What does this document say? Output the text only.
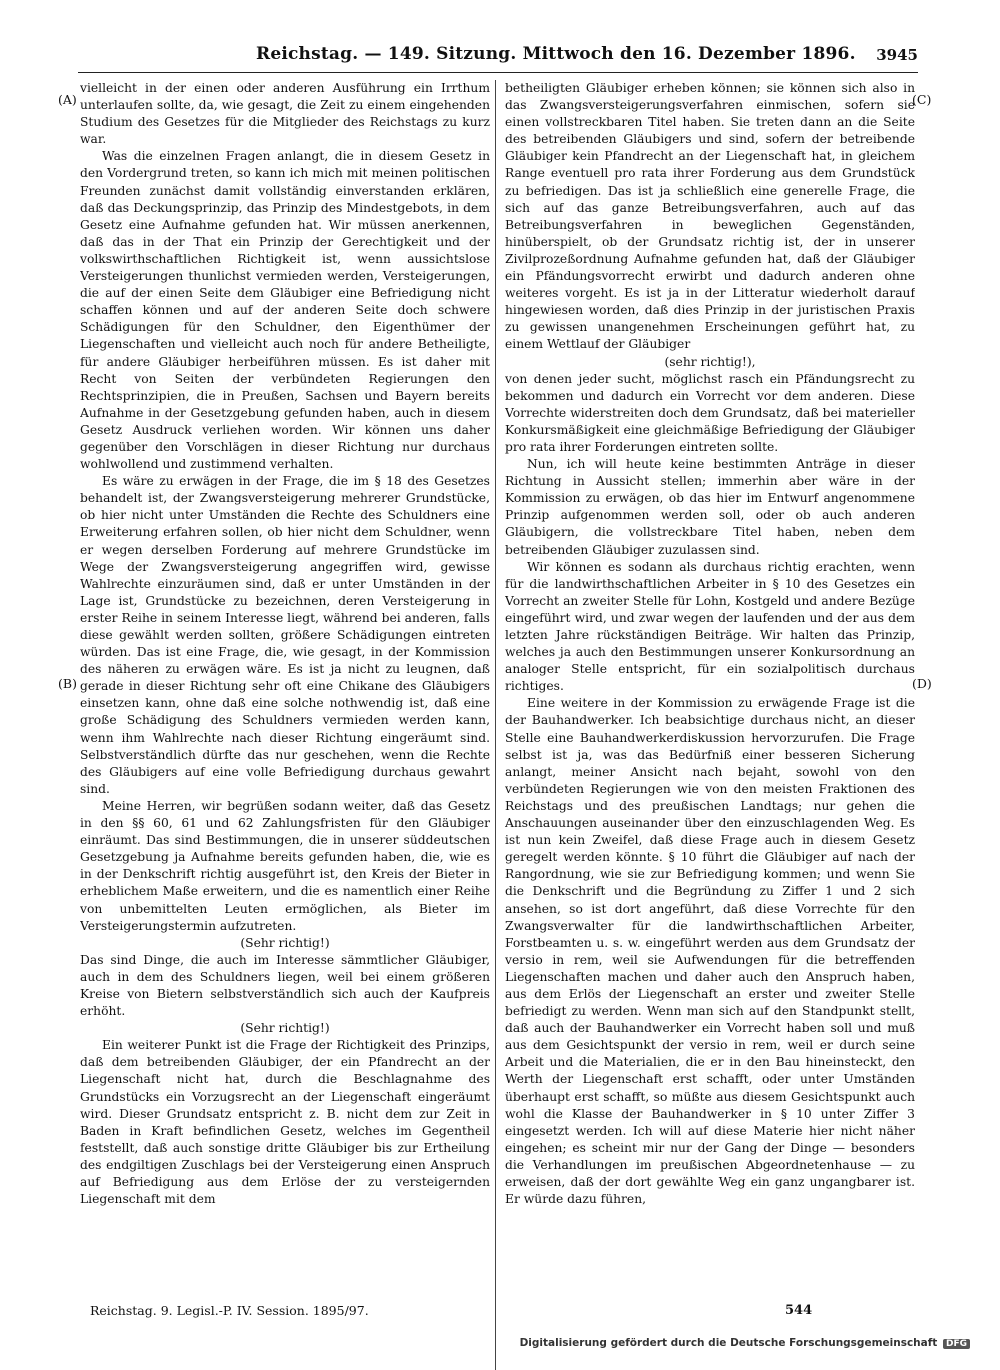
Reichstag. — 149. Sitzung. Mittwoch den 16. Dezember 1896. 3945
(A)
(B)
(C)
(D)

vielleicht in der einen oder anderen Ausführung ein Irrthum unterlaufen sollte, da, wie gesagt, die Zeit zu einem eingehenden Studium des Gesetzes für die Mitglieder des Reichstags zu kurz war.

Was die einzelnen Fragen anlangt, die in diesem Gesetz in den Vordergrund treten, so kann ich mich mit meinen politischen Freunden zunächst damit vollständig einverstanden erklären, daß das Deckungsprinzip, das Prinzip des Mindestgebots, in dem Gesetz eine Aufnahme gefunden hat. Wir müssen anerkennen, daß das in der That ein Prinzip der Gerechtigkeit und der volkswirthschaftlichen Richtigkeit ist, wenn aussichtslose Versteigerungen thunlichst vermieden werden, Versteigerungen, die auf der einen Seite dem Gläubiger eine Befriedigung nicht schaffen können und auf der anderen Seite doch schwere Schädigungen für den Schuldner, den Eigenthümer der Liegenschaften und vielleicht auch noch für andere Betheiligte, für andere Gläubiger herbeiführen müssen. Es ist daher mit Recht von Seiten der verbündeten Regierungen den Rechtsprinzipien, die in Preußen, Sachsen und Bayern bereits Aufnahme in der Gesetzgebung gefunden haben, auch in diesem Gesetz Ausdruck verliehen worden. Wir können uns daher gegenüber den Vorschlägen in dieser Richtung nur durchaus wohlwollend und zustimmend verhalten.

Es wäre zu erwägen in der Frage, die im § 18 des Gesetzes behandelt ist, der Zwangsversteigerung mehrerer Grundstücke, ob hier nicht unter Umständen die Rechte des Schuldners eine Erweiterung erfahren sollen, ob hier nicht dem Schuldner, wenn er wegen derselben Forderung auf mehrere Grundstücke im Wege der Zwangsversteigerung angegriffen wird, gewisse Wahlrechte einzuräumen sind, daß er unter Umständen in der Lage ist, Grundstücke zu bezeichnen, deren Versteigerung in erster Reihe in seinem Interesse liegt, während bei anderen, falls diese gewählt werden sollten, größere Schädigungen eintreten würden. Das ist eine Frage, die, wie gesagt, in der Kommission des näheren zu erwägen wäre. Es ist ja nicht zu leugnen, daß gerade in dieser Richtung sehr oft eine Chikane des Gläubigers einsetzen kann, ohne daß eine solche nothwendig ist, daß eine große Schädigung des Schuldners vermieden werden kann, wenn ihm Wahlrechte nach dieser Richtung eingeräumt sind. Selbstverständlich dürfte das nur geschehen, wenn die Rechte des Gläubigers auf eine volle Befriedigung durchaus gewahrt sind.

Meine Herren, wir begrüßen sodann weiter, daß das Gesetz in den §§ 60, 61 und 62 Zahlungsfristen für den Gläubiger einräumt. Das sind Bestimmungen, die in unserer süddeutschen Gesetzgebung ja Aufnahme bereits gefunden haben, die, wie es in der Denkschrift richtig ausgeführt ist, den Kreis der Bieter in erheblichem Maße erweitern, und die es namentlich einer Reihe von unbemittelten Leuten ermöglichen, als Bieter im Versteigerungstermin aufzutreten.

(Sehr richtig!)

Das sind Dinge, die auch im Interesse sämmtlicher Gläubiger, auch in dem des Schuldners liegen, weil bei einem größeren Kreise von Bietern selbstverständlich sich auch der Kaufpreis erhöht.

(Sehr richtig!)

Ein weiterer Punkt ist die Frage der Richtigkeit des Prinzips, daß dem betreibenden Gläubiger, der ein Pfandrecht an der Liegenschaft nicht hat, durch die Beschlagnahme des Grundstücks ein Vorzugsrecht an der Liegenschaft eingeräumt wird. Dieser Grundsatz entspricht z. B. nicht dem zur Zeit in Baden in Kraft befindlichen Gesetz, welches im Gegentheil feststellt, daß auch sonstige dritte Gläubiger bis zur Ertheilung des endgiltigen Zuschlags bei der Versteigerung einen Anspruch auf Befriedigung aus dem Erlöse der zu versteigernden Liegenschaft mit dem

betheiligten Gläubiger erheben können; sie können sich also in das Zwangsversteigerungsverfahren einmischen, sofern sie einen vollstreckbaren Titel haben. Sie treten dann an die Seite des betreibenden Gläubigers und sind, sofern der betreibende Gläubiger kein Pfandrecht an der Liegenschaft hat, in gleichem Range eventuell pro rata ihrer Forderung aus dem Grundstück zu befriedigen. Das ist ja schließlich eine generelle Frage, die sich auf das ganze Betreibungsverfahren, auch auf das Betreibungsverfahren in beweglichen Gegenständen, hinüberspielt, ob der Grundsatz richtig ist, der in unserer Zivilprozeßordnung Aufnahme gefunden hat, daß der Gläubiger ein Pfändungsvorrecht erwirbt und dadurch anderen ohne weiteres vorgeht. Es ist ja in der Litteratur wiederholt darauf hingewiesen worden, daß dies Prinzip in der juristischen Praxis zu gewissen unangenehmen Erscheinungen geführt hat, zu einem Wettlauf der Gläubiger

(sehr richtig!),

von denen jeder sucht, möglichst rasch ein Pfändungsrecht zu bekommen und dadurch ein Vorrecht vor dem anderen. Diese Vorrechte widerstreiten doch dem Grundsatz, daß bei materieller Konkursmäßigkeit eine gleichmäßige Befriedigung der Gläubiger pro rata ihrer Forderungen eintreten sollte.

Nun, ich will heute keine bestimmten Anträge in dieser Richtung in Aussicht stellen; immerhin aber wäre in der Kommission zu erwägen, ob das hier im Entwurf angenommene Prinzip aufgenommen werden soll, oder ob auch anderen Gläubigern, die vollstreckbare Titel haben, neben dem betreibenden Gläubiger zuzulassen sind.

Wir können es sodann als durchaus richtig erachten, wenn für die landwirthschaftlichen Arbeiter in § 10 des Gesetzes ein Vorrecht an zweiter Stelle für Lohn, Kostgeld und andere Bezüge eingeführt wird, und zwar wegen der laufenden und der aus dem letzten Jahre rückständigen Beiträge. Wir halten das Prinzip, welches ja auch den Bestimmungen unserer Konkursordnung an analoger Stelle entspricht, für ein sozialpolitisch durchaus richtiges.

Eine weitere in der Kommission zu erwägende Frage ist die der Bauhandwerker. Ich beabsichtige durchaus nicht, an dieser Stelle eine Bauhandwerkerdiskussion hervorzurufen. Die Frage selbst ist ja, was das Bedürfniß einer besseren Sicherung anlangt, meiner Ansicht nach bejaht, sowohl von den verbündeten Regierungen wie von den meisten Fraktionen des Reichstags und des preußischen Landtags; nur gehen die Anschauungen auseinander über den einzuschlagenden Weg. Es ist nun kein Zweifel, daß diese Frage auch in diesem Gesetz geregelt werden könnte. § 10 führt die Gläubiger auf nach der Rangordnung, wie sie zur Befriedigung kommen; und wenn Sie die Denkschrift und die Begründung zu Ziffer 1 und 2 sich ansehen, so ist dort angeführt, daß diese Vorrechte für den Zwangsverwalter für die landwirthschaftlichen Arbeiter, Forstbeamten u. s. w. eingeführt werden aus dem Grundsatz der versio in rem, weil sie Aufwendungen für die betreffenden Liegenschaften machen und daher auch den Anspruch haben, aus dem Erlös der Liegenschaft an erster und zweiter Stelle befriedigt zu werden. Wenn man sich auf den Standpunkt stellt, daß auch der Bauhandwerker ein Vorrecht haben soll und muß aus dem Gesichtspunkt der versio in rem, weil er durch seine Arbeit und die Materialien, die er in den Bau hineinsteckt, den Werth der Liegenschaft erst schafft, oder unter Umständen überhaupt erst schafft, so müßte aus diesem Gesichtspunkt auch wohl die Klasse der Bauhandwerker in § 10 unter Ziffer 3 eingesetzt werden. Ich will auf diese Materie hier nicht näher eingehen; es scheint mir nur der Gang der Dinge — besonders die Verhandlungen im preußischen Abgeordnetenhause — zu erweisen, daß der dort gewählte Weg ein ganz ungangbarer ist. Er würde dazu führen,

Reichstag. 9. Legisl.-P. IV. Session. 1895/97.	544
Digitalisierung gefördert durch die Deutsche Forschungsgemeinschaft DFG
